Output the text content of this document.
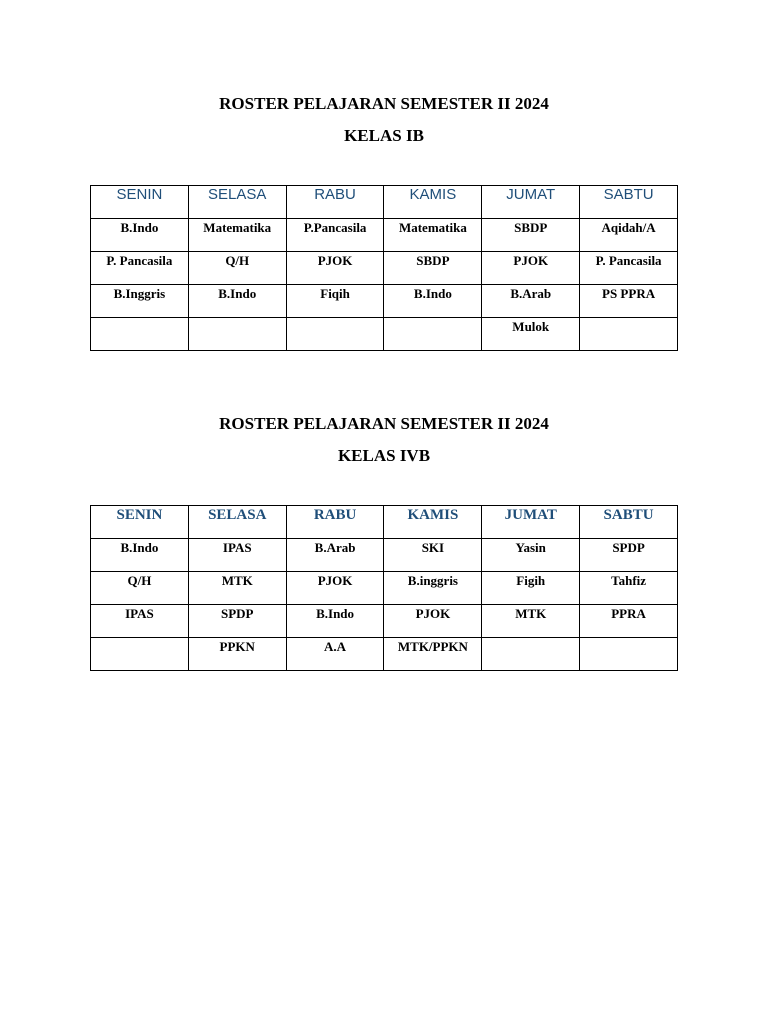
ROSTER PELAJARAN SEMESTER II 2024
KELAS IB
SENIN	SELASA	RABU	KAMIS	JUMAT	SABTU
B.Indo	Matematika	P.Pancasila	Matematika	SBDP	Aqidah/A
P. Pancasila	Q/H	PJOK	SBDP	PJOK	P. Pancasila
B.Inggris	B.Indo	Fiqih	B.Indo	B.Arab	PS PPRA
				Mulok	
ROSTER PELAJARAN SEMESTER II 2024
KELAS IVB
SENIN	SELASA	RABU	KAMIS	JUMAT	SABTU
B.Indo	IPAS	B.Arab	SKI	Yasin	SPDP
Q/H	MTK	PJOK	B.inggris	Figih	Tahfiz
IPAS	SPDP	B.Indo	PJOK	MTK	PPRA
	PPKN	A.A	MTK/PPKN		
